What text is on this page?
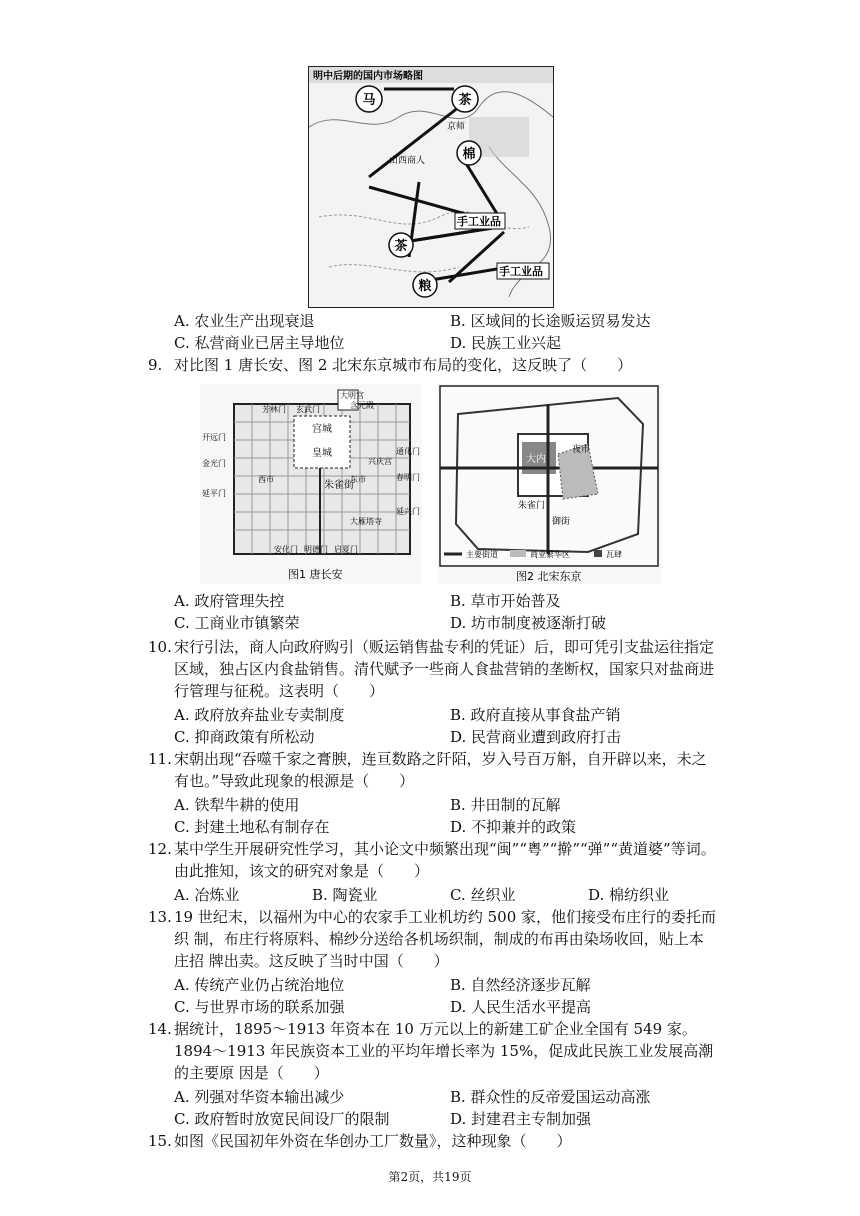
明中后期的国内市场略图
马	茶
棉
茶
粮
京师
山西商人
手工业品
手工业品
A. 农业生产出现衰退	B. 区域间的长途贩运贸易发达
C. 私营商业已居主导地位	D. 民族工业兴起
9. 对比图 1 唐长安、图 2 北宋东京城市布局的变化，这反映了（　　）
芳林门 玄武门
大明宫
含元殿
宫城
皇城
开远门
金光门
延平门
通化门
春明门
延兴门
兴庆宫
西市	东市
朱雀街
大雁塔寺
安化门 明德门 启夏门
图1 唐长安
大内
夜市
朱雀门
御街
主要街道	商业繁华区	瓦肆
图2 北宋东京
A. 政府管理失控	B. 草市开始普及
C. 工商业市镇繁荣	D. 坊市制度被逐渐打破
10. 宋行引法，商人向政府购引（贩运销售盐专利的凭证）后，即可凭引支盐运往指定 区域，独占区内食盐销售。清代赋予一些商人食盐营销的垄断权，国家只对盐商进 行管理与征税。这表明（　　）
A. 政府放弃盐业专卖制度	B. 政府直接从事食盐产销
C. 抑商政策有所松动	D. 民营商业遭到政府打击
11. 宋朝出现“吞噬千家之膏腴，连亘数路之阡陌，岁入号百万斛，自开辟以来，未之有也。”导致此现象的根源是（　　）
A. 铁犁牛耕的使用	B. 井田制的瓦解
C. 封建土地私有制存在	D. 不抑兼并的政策
12. 某中学生开展研究性学习，其小论文中频繁出现“闽”“粤”“擀”“弹”“黄道婆”等词。由此推知，该文的研究对象是（　　）
A. 冶炼业	B. 陶瓷业	C. 丝织业	D. 棉纺织业
13. 19 世纪末，以福州为中心的农家手工业机坊约 500 家，他们接受布庄行的委托而织 制，布庄行将原料、棉纱分送给各机场织制，制成的布再由染场收回，贴上本庄招 牌出卖。这反映了当时中国（　　）
A. 传统产业仍占统治地位	B. 自然经济逐步瓦解
C. 与世界市场的联系加强	D. 人民生活水平提高
14. 据统计，1895〜1913 年资本在 10 万元以上的新建工矿企业全国有 549 家。1894〜1913 年民族资本工业的平均年增长率为 15%，促成此民族工业发展高潮的主要原 因是（　　）
A. 列强对华资本输出减少	B. 群众性的反帝爱国运动高涨
C. 政府暂时放宽民间设厂的限制	D. 封建君主专制加强
15. 如图《民国初年外资在华创办工厂数量》，这种现象（　　）
第2页，共19页
